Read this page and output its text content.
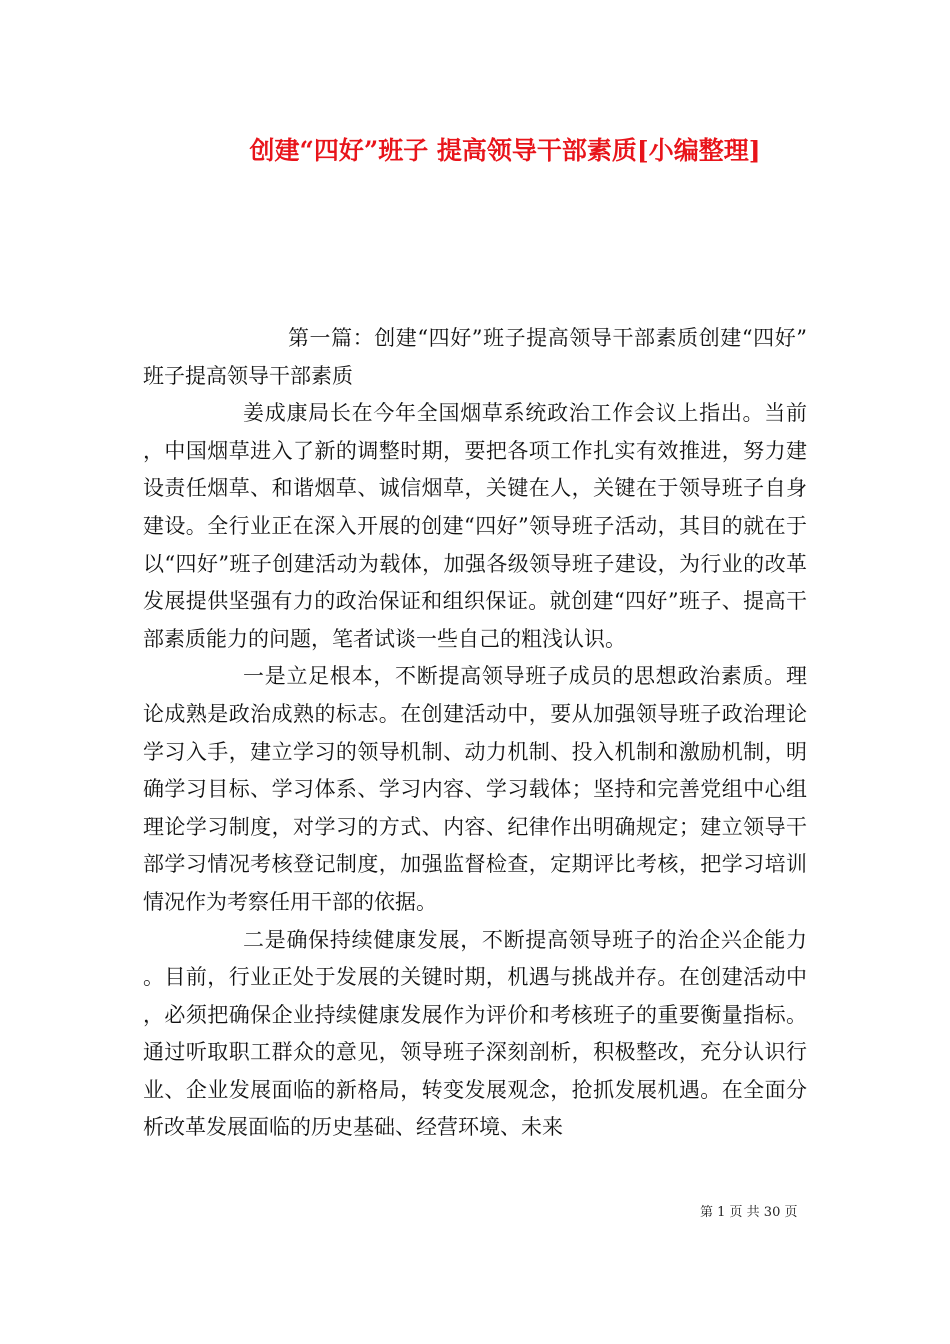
创建“四好”班子 提高领导干部素质[小编整理]

第一篇：创建“四好”班子提高领导干部素质创建“四好”班子提高领导干部素质

姜成康局长在今年全国烟草系统政治工作会议上指出。当前，中国烟草进入了新的调整时期，要把各项工作扎实有效推进，努力建设责任烟草、和谐烟草、诚信烟草，关键在人，关键在于领导班子自身建设。全行业正在深入开展的创建“四好”领导班子活动，其目的就在于以“四好”班子创建活动为载体，加强各级领导班子建设，为行业的改革发展提供坚强有力的政治保证和组织保证。就创建“四好”班子、提高干部素质能力的问题，笔者试谈一些自己的粗浅认识。

一是立足根本，不断提高领导班子成员的思想政治素质。理论成熟是政治成熟的标志。在创建活动中，要从加强领导班子政治理论学习入手，建立学习的领导机制、动力机制、投入机制和激励机制，明确学习目标、学习体系、学习内容、学习载体；坚持和完善党组中心组理论学习制度，对学习的方式、内容、纪律作出明确规定；建立领导干部学习情况考核登记制度，加强监督检查，定期评比考核，把学习培训情况作为考察任用干部的依据。

二是确保持续健康发展，不断提高领导班子的治企兴企能力。目前，行业正处于发展的关键时期，机遇与挑战并存。在创建活动中，必须把确保企业持续健康发展作为评价和考核班子的重要衡量指标。通过听取职工群众的意见，领导班子深刻剖析，积极整改，充分认识行业、企业发展面临的新格局，转变发展观念，抢抓发展机遇。在全面分析改革发展面临的历史基础、经营环境、未来

第 1 页 共 30 页
